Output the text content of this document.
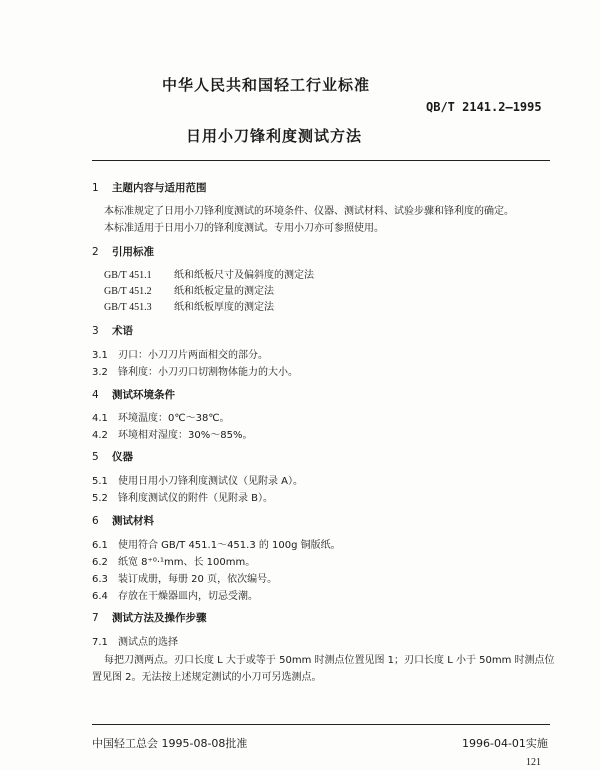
中华人民共和国轻工行业标准
QB/T 2141.2—1995
日用小刀锋利度测试方法
1 主题内容与适用范围
本标准规定了日用小刀锋利度测试的环境条件、仪器、测试材料、试验步骤和锋利度的确定。
本标准适用于日用小刀的锋利度测试。专用小刀亦可参照使用。
2 引用标准
GB/T 451.1 纸和纸板尺寸及偏斜度的测定法
GB/T 451.2 纸和纸板定量的测定法
GB/T 451.3 纸和纸板厚度的测定法
3 术语
3.1 刃口：小刀刀片两面相交的部分。
3.2 锋利度：小刀刃口切割物体能力的大小。
4 测试环境条件
4.1 环境温度：0℃～38℃。
4.2 环境相对湿度：30%～85%。
5 仪器
5.1 使用日用小刀锋利度测试仪（见附录 A）。
5.2 锋利度测试仪的附件（见附录 B）。
6 测试材料
6.1 使用符合 GB/T 451.1～451.3 的 100g 铜版纸。
6.2 纸宽 8⁺⁰·¹mm、长 100mm。
6.3 装订成册，每册 20 页，依次编号。
6.4 存放在干燥器皿内，切忌受潮。
7 测试方法及操作步骤
7.1 测试点的选择
每把刀测两点。刃口长度 L 大于或等于 50mm 时测点位置见图 1；刃口长度 L 小于 50mm 时测点位
置见图 2。无法按上述规定测试的小刀可另选测点。
中国轻工总会 1995-08-08批准	1996-04-01实施
121
